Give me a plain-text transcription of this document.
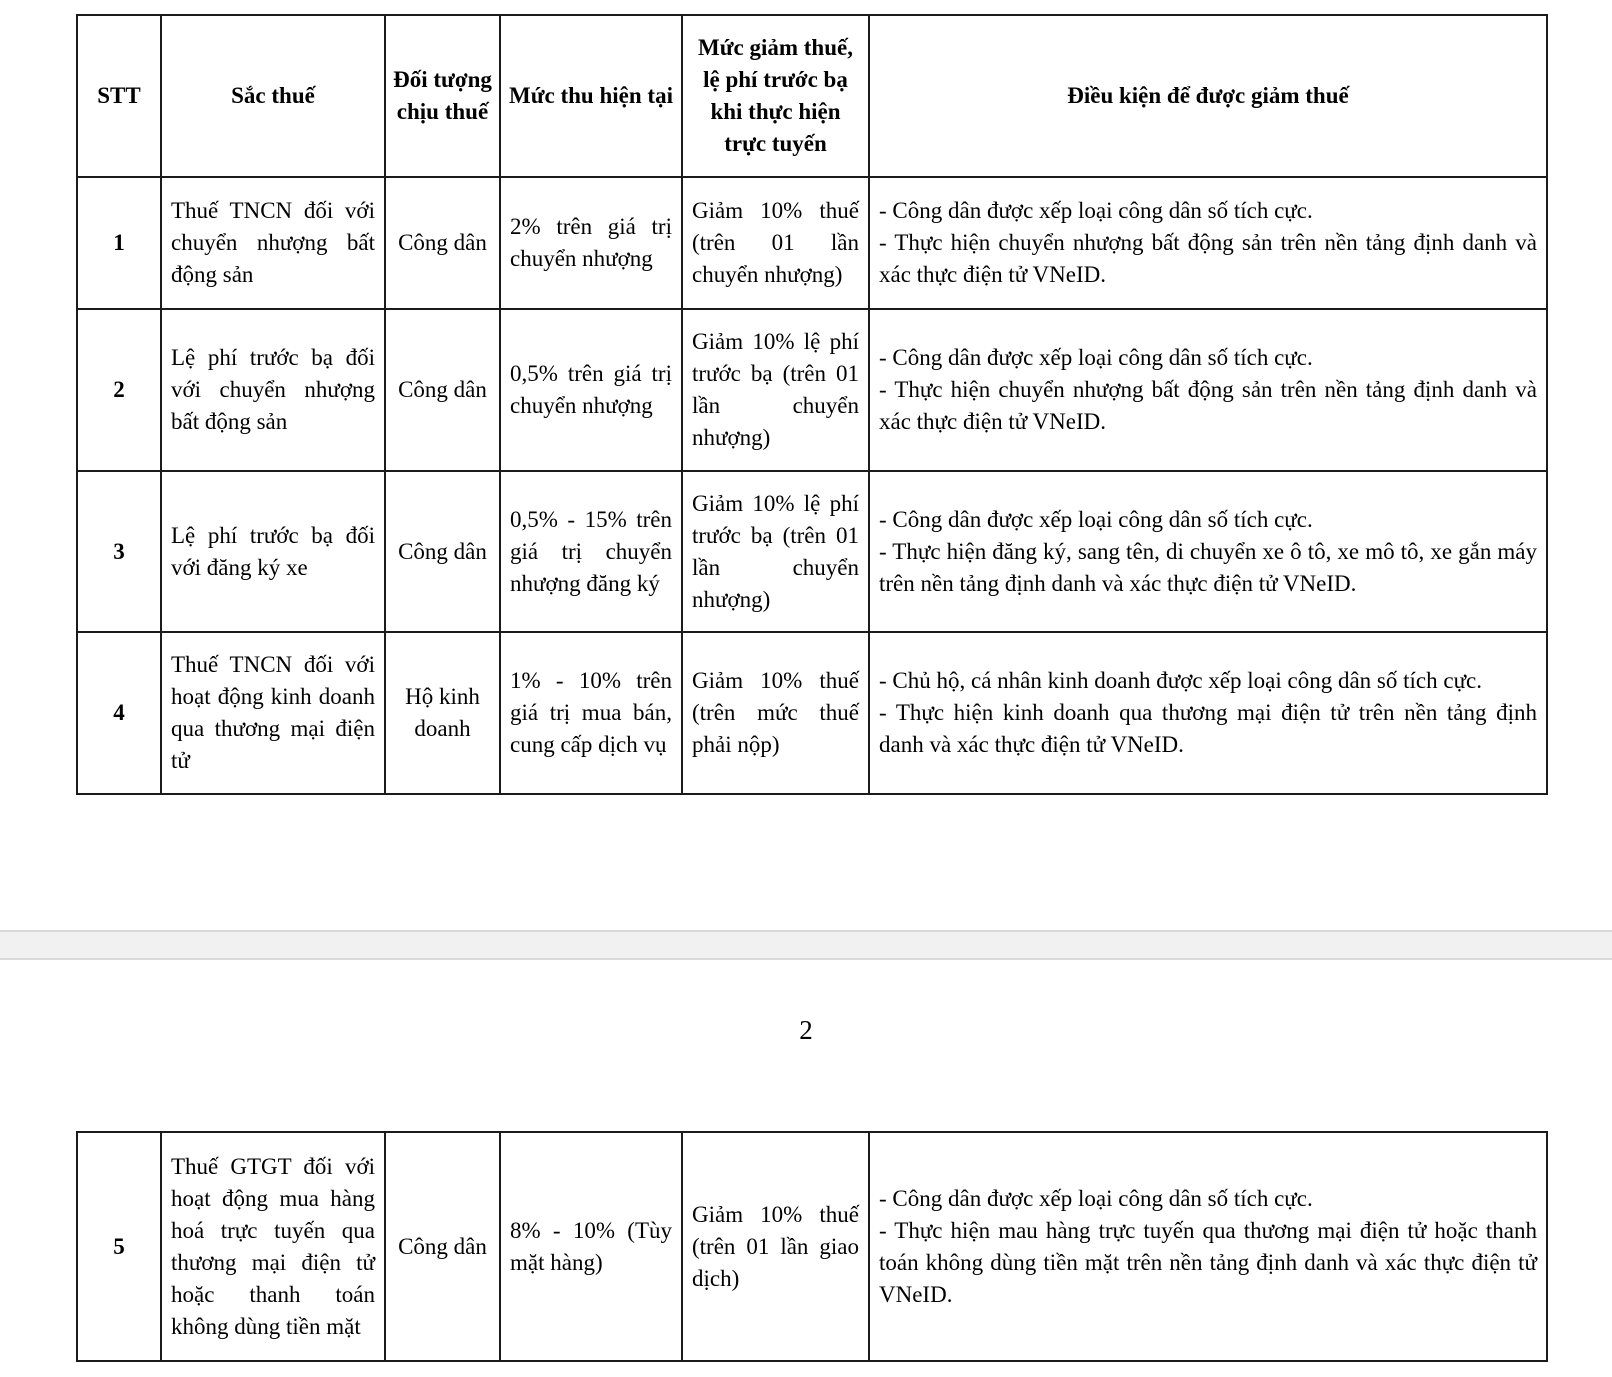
STT	Sắc thuế	Đối tượng chịu thuế	Mức thu hiện tại	Mức giảm thuế, lệ phí trước bạ khi thực hiện trực tuyến	Điều kiện để được giảm thuế
1	Thuế TNCN đối với chuyển nhượng bất động sản	Công dân	2% trên giá trị chuyển nhượng	Giảm 10% thuế (trên 01 lần chuyển nhượng)	- Công dân được xếp loại công dân số tích cực.
- Thực hiện chuyển nhượng bất động sản trên nền tảng định danh và xác thực điện tử VNeID.

2	Lệ phí trước bạ đối với chuyển nhượng bất động sản	Công dân	0,5% trên giá trị chuyển nhượng	Giảm 10% lệ phí trước bạ (trên 01 lần chuyển nhượng)	- Công dân được xếp loại công dân số tích cực.
- Thực hiện chuyển nhượng bất động sản trên nền tảng định danh và xác thực điện tử VNeID.

3	Lệ phí trước bạ đối với đăng ký xe	Công dân	0,5% - 15% trên giá trị chuyển nhượng đăng ký	Giảm 10% lệ phí trước bạ (trên 01 lần chuyển nhượng)	- Công dân được xếp loại công dân số tích cực.
- Thực hiện đăng ký, sang tên, di chuyển xe ô tô, xe mô tô, xe gắn máy trên nền tảng định danh và xác thực điện tử VNeID.

4	Thuế TNCN đối với hoạt động kinh doanh qua thương mại điện tử	Hộ kinh doanh	1% - 10% trên giá trị mua bán, cung cấp dịch vụ	Giảm 10% thuế (trên mức thuế phải nộp)	- Chủ hộ, cá nhân kinh doanh được xếp loại công dân số tích cực.
- Thực hiện kinh doanh qua thương mại điện tử trên nền tảng định danh và xác thực điện tử VNeID.
2
5	Thuế GTGT đối với hoạt động mua hàng hoá trực tuyến qua thương mại điện tử hoặc thanh toán không dùng tiền mặt	Công dân	8% - 10% (Tùy mặt hàng)	Giảm 10% thuế (trên 01 lần giao dịch)	
- Công dân được xếp loại công dân số tích cực.
- Thực hiện mau hàng trực tuyến qua thương mại điện tử hoặc thanh toán không dùng tiền mặt trên nền tảng định danh và xác thực điện tử VNeID.
